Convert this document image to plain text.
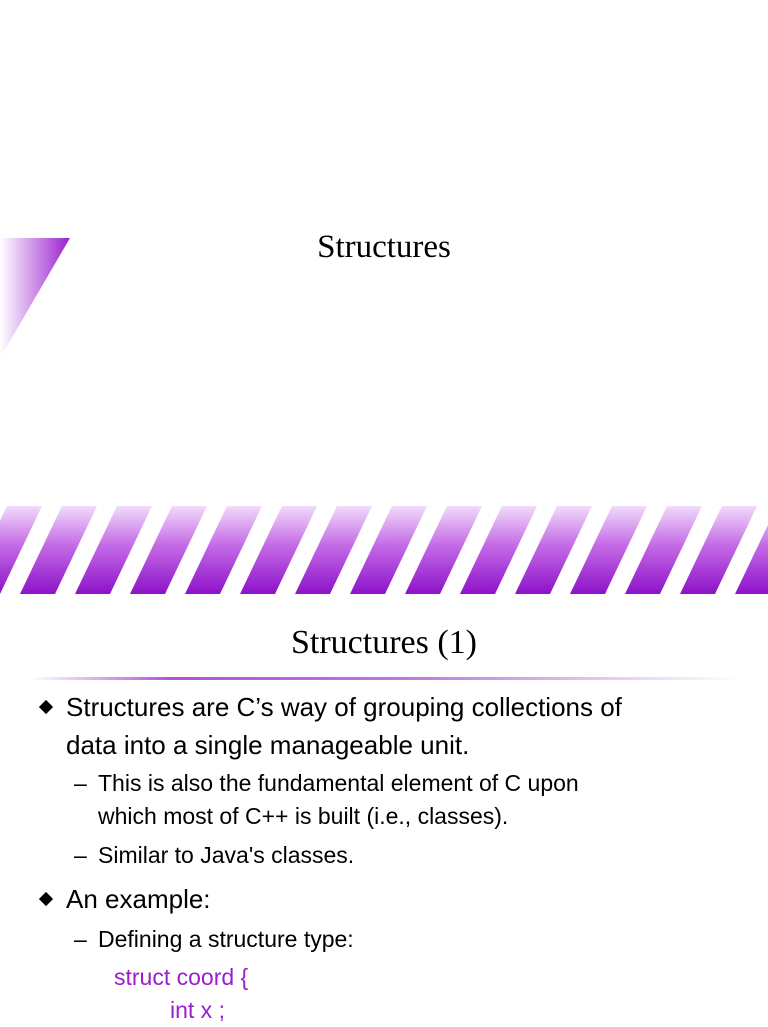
Structures
Structures (1)
Structures are C’s way of grouping collections of
data into a single manageable unit.
– This is also the fundamental element of C upon
which most of C++ is built (i.e., classes).
– Similar to Java's classes.
An example:
– Defining a structure type:
struct coord {
int x ;
